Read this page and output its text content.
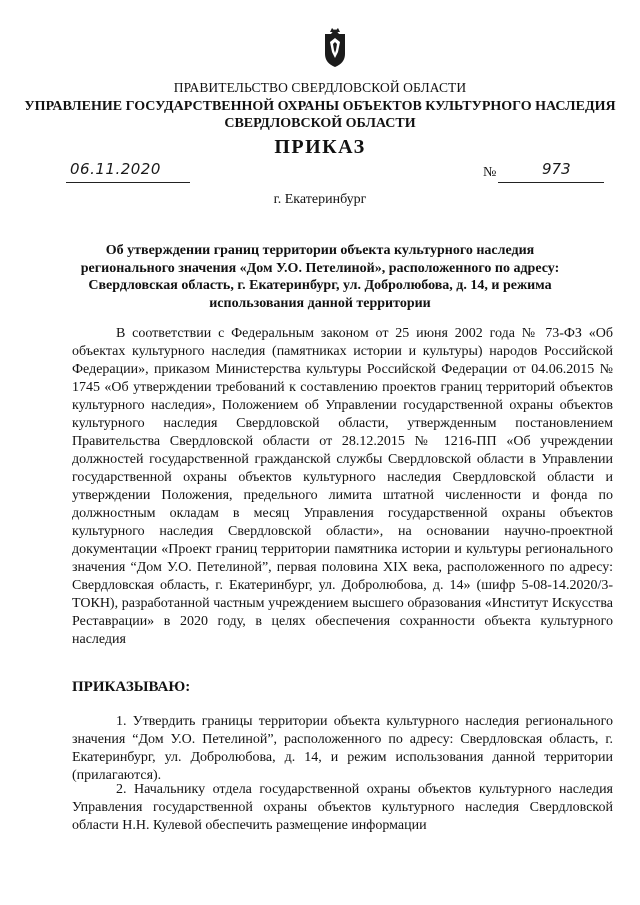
ПРАВИТЕЛЬСТВО СВЕРДЛОВСКОЙ ОБЛАСТИ
УПРАВЛЕНИЕ ГОСУДАРСТВЕННОЙ ОХРАНЫ ОБЪЕКТОВ КУЛЬТУРНОГО НАСЛЕДИЯ СВЕРДЛОВСКОЙ ОБЛАСТИ
ПРИКАЗ
06.11.2020	№	973
г. Екатеринбург
Об утверждении границ территории объекта культурного наследия регионального значения «Дом У.О. Петелиной», расположенного по адресу: Свердловская область, г. Екатеринбург, ул. Добролюбова, д. 14, и режима использования данной территории
В соответствии с Федеральным законом от 25 июня 2002 года № 73-ФЗ «Об объектах культурного наследия (памятниках истории и культуры) народов Российской Федерации», приказом Министерства культуры Российской Федерации от 04.06.2015 № 1745 «Об утверждении требований к составлению проектов границ территорий объектов культурного наследия», Положением об Управлении государственной охраны объектов культурного наследия Свердловской области, утвержденным постановлением Правительства Свердловской области от 28.12.2015 № 1216-ПП «Об учреждении должностей государственной гражданской службы Свердловской области в Управлении государственной охраны объектов культурного наследия Свердловской области и утверждении Положения, предельного лимита штатной численности и фонда по должностным окладам в месяц Управления государственной охраны объектов культурного наследия Свердловской области», на основании научно-проектной документации «Проект границ территории памятника истории и культуры регионального значения “Дом У.О. Петелиной”, первая половина XIX века, расположенного по адресу: Свердловская область, г. Екатеринбург, ул. Добролюбова, д. 14» (шифр 5-08-14.2020/3-ТОКН), разработанной частным учреждением высшего образования «Институт Искусства Реставрации» в 2020 году, в целях обеспечения сохранности объекта культурного наследия
ПРИКАЗЫВАЮ:
1. Утвердить границы территории объекта культурного наследия регионального значения “Дом У.О. Петелиной”, расположенного по адресу: Свердловская область, г. Екатеринбург, ул. Добролюбова, д. 14, и режим использования данной территории (прилагаются).
2. Начальнику отдела государственной охраны объектов культурного наследия Управления государственной охраны объектов культурного наследия Свердловской области Н.Н. Кулевой обеспечить размещение информации
